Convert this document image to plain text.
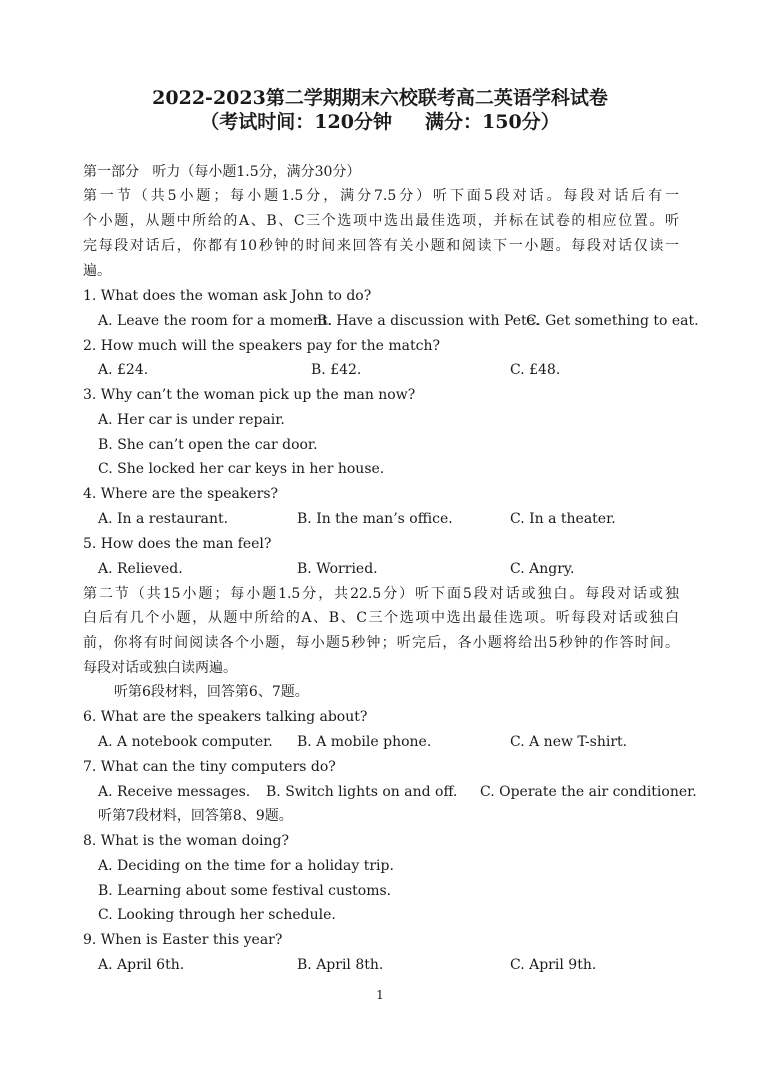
2022-2023第二学期期末六校联考高二英语学科试卷
（考试时间：120分钟     满分：150分）
第一部分   听力（每小题1.5分，满分30分）
第一节（共5小题；每小题1.5分，满分7.5分）听下面5段对话。每段对话后有一
个小题，从题中所给的A、B、C三个选项中选出最佳选项，并标在试卷的相应位置。听
完每段对话后，你都有10秒钟的时间来回答有关小题和阅读下一小题。每段对话仅读一
遍。
1. What does the woman ask John to do?
A. Leave the room for a moment.
B. Have a discussion with Pete.
C. Get something to eat.
2. How much will the speakers pay for the match?
A. £24.	B. £42.	C. £48.
3. Why can’t the woman pick up the man now?
A. Her car is under repair.
B. She can’t open the car door.
C. She locked her car keys in her house.
4. Where are the speakers?
A. In a restaurant.	B. In the man’s office.	C. In a theater.
5. How does the man feel?
A. Relieved.	B. Worried.	C. Angry.
第二节（共15小题；每小题1.5分，共22.5分）听下面5段对话或独白。每段对话或独
白后有几个小题，从题中所给的A、B、C三个选项中选出最佳选项。听每段对话或独白
前，你将有时间阅读各个小题，每小题5秒钟；听完后，各小题将给出5秒钟的作答时间。
每段对话或独白读两遍。
听第6段材料，回答第6、7题。
6. What are the speakers talking about?
A. A notebook computer. B. A mobile phone.	C. A new T-shirt.
7. What can the tiny computers do?
A. Receive messages. B. Switch lights on and off. C. Operate the air conditioner.
听第7段材料，回答第8、9题。
8. What is the woman doing?
A. Deciding on the time for a holiday trip.
B. Learning about some festival customs.
C. Looking through her schedule.
9. When is Easter this year?
A. April 6th.	B. April 8th.	C. April 9th.
1
